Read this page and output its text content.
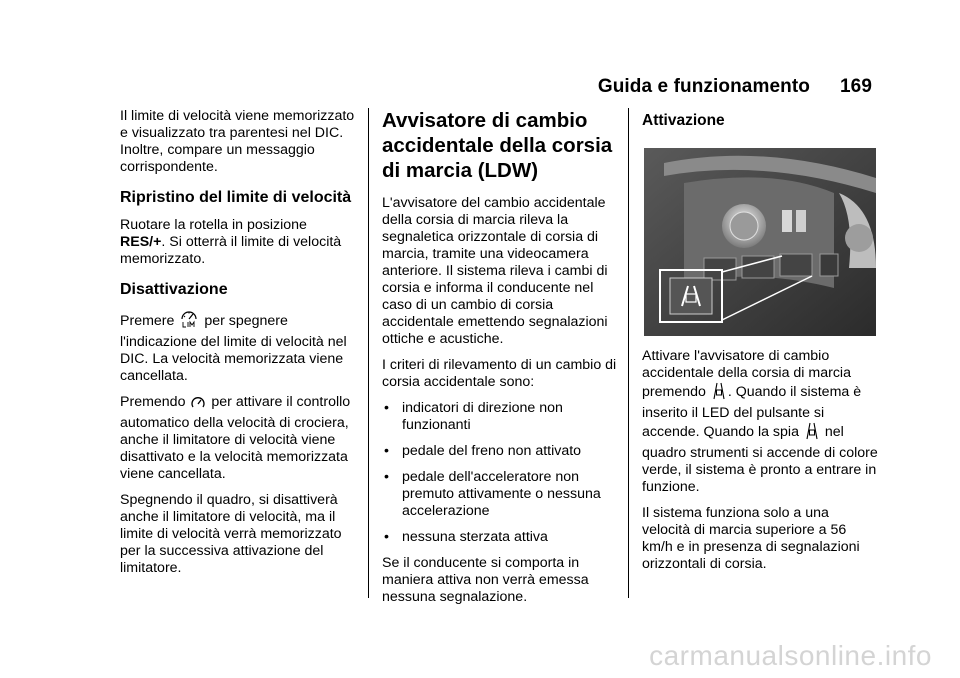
Guida e funzionamento 169

Il limite di velocità viene memorizzato e visualizzato tra parentesi nel DIC. Inoltre, compare un messaggio corrispondente.

Ripristino del limite di velocità

Ruotare la rotella in posizione
RES/+. Si otterrà il limite di velocità memorizzato.

Disattivazione

Premere per spegnere l'indicazione del limite di velocità nel DIC. La velocità memorizzata viene cancellata.

Premendo per attivare il controllo automatico della velocità di crociera, anche il limitatore di velocità viene disattivato e la velocità memorizzata viene cancellata.

Spegnendo il quadro, si disattiverà anche il limitatore di velocità, ma il limite di velocità verrà memorizzato per la successiva attivazione del limitatore.

Avvisatore di cambio accidentale della corsia di marcia (LDW)

L'avvisatore del cambio accidentale della corsia di marcia rileva la segnaletica orizzontale di corsia di marcia, tramite una videocamera anteriore. Il sistema rileva i cambi di corsia e informa il conducente nel caso di un cambio di corsia accidentale emettendo segnalazioni ottiche e acustiche.

I criteri di rilevamento di un cambio di corsia accidentale sono:

• indicatori di direzione non funzionanti
• pedale del freno non attivato
• pedale dell'acceleratore non premuto attivamente o nessuna accelerazione
• nessuna sterzata attiva

Se il conducente si comporta in maniera attiva non verrà emessa nessuna segnalazione.

Attivazione

Attivare l'avvisatore di cambio accidentale della corsia di marcia premendo . Quando il sistema è inserito il LED del pulsante si accende. Quando la spia nel quadro strumenti si accende di colore verde, il sistema è pronto a entrare in funzione.

Il sistema funziona solo a una velocità di marcia superiore a 56 km/h e in presenza di segnalazioni orizzontali di corsia.

carmanualsonline.info
